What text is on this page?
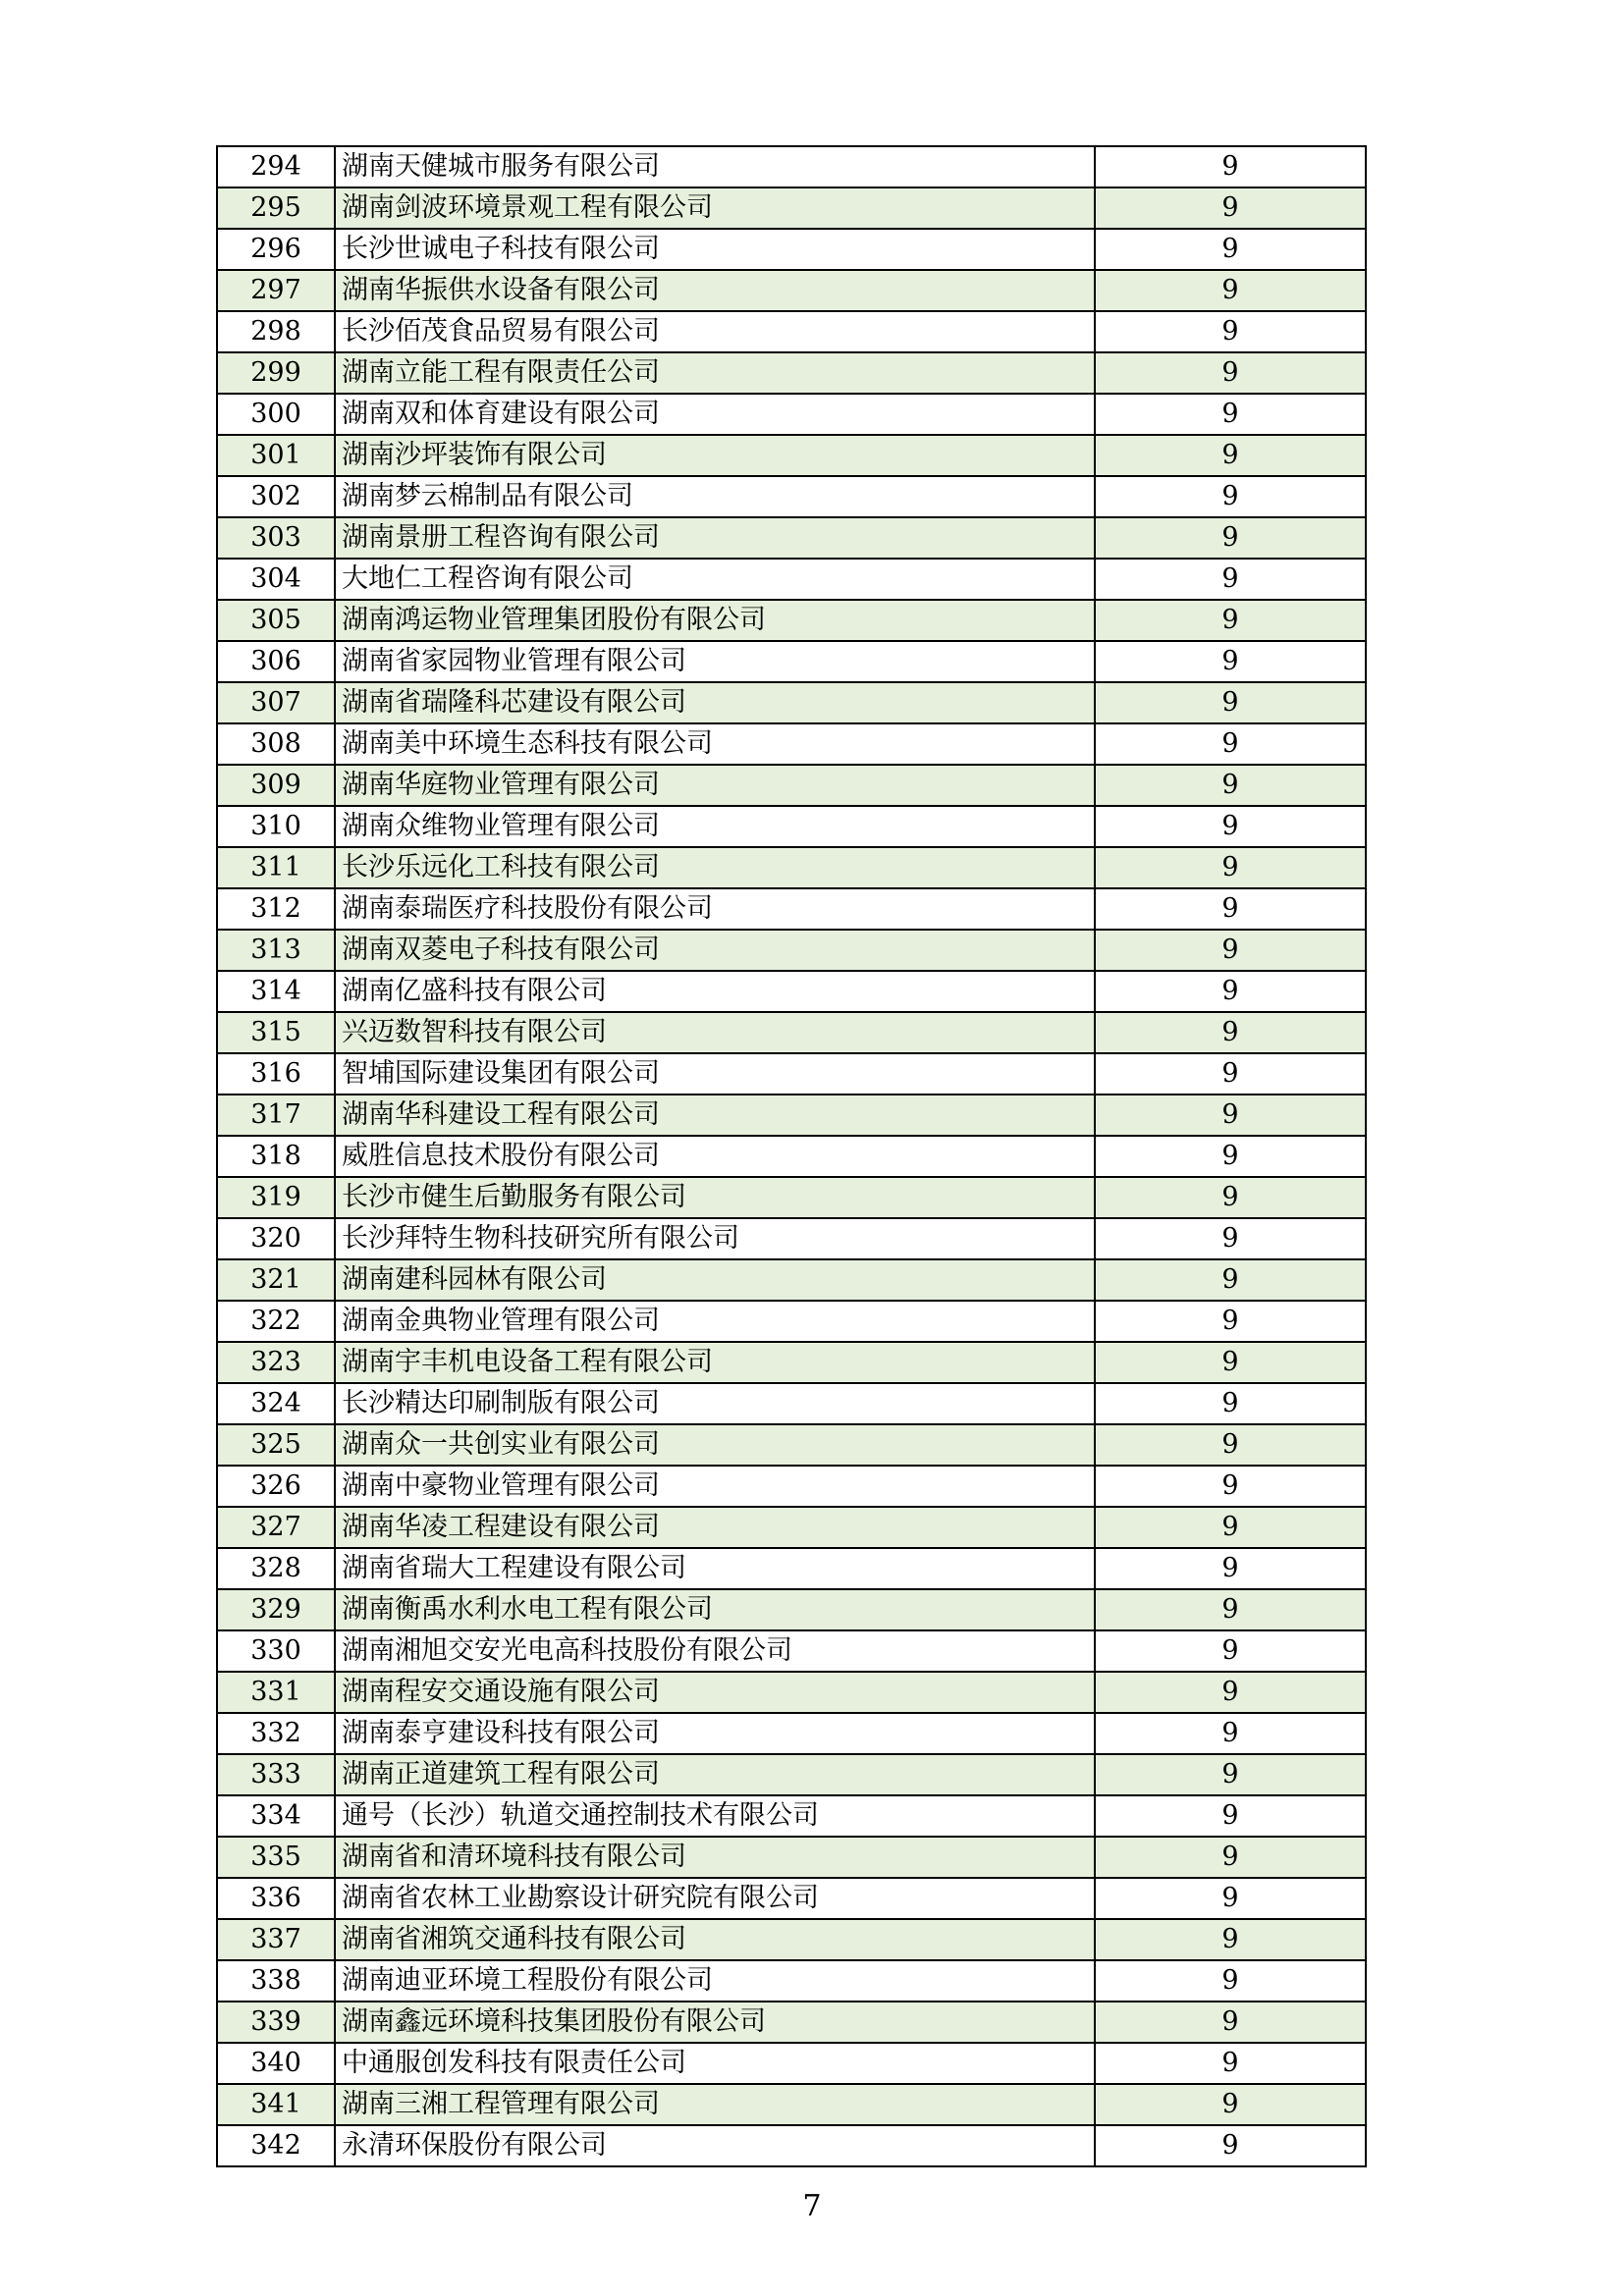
294	湖南天健城市服务有限公司	9
295	湖南剑波环境景观工程有限公司	9
296	长沙世诚电子科技有限公司	9
297	湖南华振供水设备有限公司	9
298	长沙佰茂食品贸易有限公司	9
299	湖南立能工程有限责任公司	9
300	湖南双和体育建设有限公司	9
301	湖南沙坪装饰有限公司	9
302	湖南梦云棉制品有限公司	9
303	湖南景册工程咨询有限公司	9
304	大地仁工程咨询有限公司	9
305	湖南鸿运物业管理集团股份有限公司	9
306	湖南省家园物业管理有限公司	9
307	湖南省瑞隆科芯建设有限公司	9
308	湖南美中环境生态科技有限公司	9
309	湖南华庭物业管理有限公司	9
310	湖南众维物业管理有限公司	9
311	长沙乐远化工科技有限公司	9
312	湖南泰瑞医疗科技股份有限公司	9
313	湖南双菱电子科技有限公司	9
314	湖南亿盛科技有限公司	9
315	兴迈数智科技有限公司	9
316	智埔国际建设集团有限公司	9
317	湖南华科建设工程有限公司	9
318	威胜信息技术股份有限公司	9
319	长沙市健生后勤服务有限公司	9
320	长沙拜特生物科技研究所有限公司	9
321	湖南建科园林有限公司	9
322	湖南金典物业管理有限公司	9
323	湖南宇丰机电设备工程有限公司	9
324	长沙精达印刷制版有限公司	9
325	湖南众一共创实业有限公司	9
326	湖南中豪物业管理有限公司	9
327	湖南华凌工程建设有限公司	9
328	湖南省瑞大工程建设有限公司	9
329	湖南衡禹水利水电工程有限公司	9
330	湖南湘旭交安光电高科技股份有限公司	9
331	湖南程安交通设施有限公司	9
332	湖南泰亨建设科技有限公司	9
333	湖南正道建筑工程有限公司	9
334	通号（长沙）轨道交通控制技术有限公司	9
335	湖南省和清环境科技有限公司	9
336	湖南省农林工业勘察设计研究院有限公司	9
337	湖南省湘筑交通科技有限公司	9
338	湖南迪亚环境工程股份有限公司	9
339	湖南鑫远环境科技集团股份有限公司	9
340	中通服创发科技有限责任公司	9
341	湖南三湘工程管理有限公司	9
342	永清环保股份有限公司	9
7
